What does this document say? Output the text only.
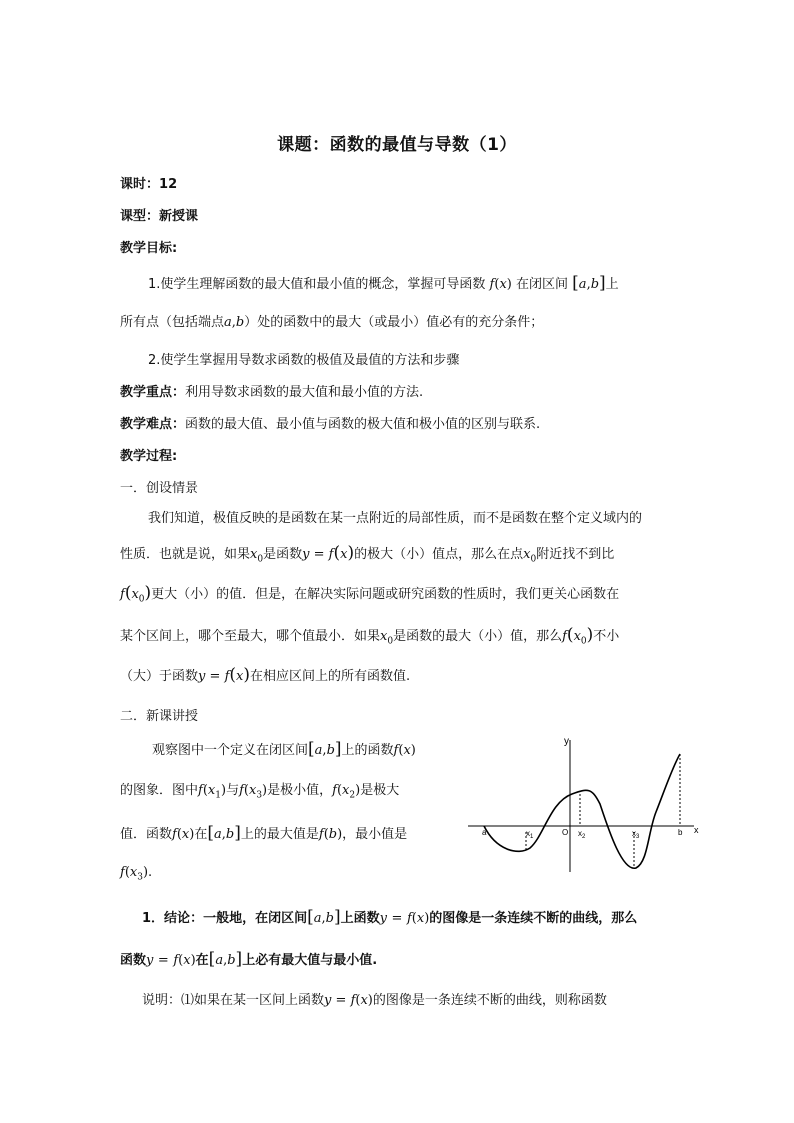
课题：函数的最值与导数（1）
课时：12
课型：新授课
教学目标:
1.使学生理解函数的最大值和最小值的概念，掌握可导函数 f(x) 在闭区间 [a,b]上
所有点（包括端点a,b）处的函数中的最大（或最小）值必有的充分条件；
2.使学生掌握用导数求函数的极值及最值的方法和步骤
教学重点：利用导数求函数的最大值和最小值的方法.
教学难点：函数的最大值、最小值与函数的极大值和极小值的区别与联系.
教学过程:
一．创设情景
我们知道，极值反映的是函数在某一点附近的局部性质，而不是函数在整个定义域内的
性质．也就是说，如果$x_0$是函数y = f(x)的极大（小）值点，那么在点$x_0$附近找不到比
$f(x_0)$更大（小）的值．但是，在解决实际问题或研究函数的性质时，我们更关心函数在
某个区间上，哪个至最大，哪个值最小．如果$x_0$是函数的最大（小）值，那么$f(x_0)$不小
（大）于函数y = f(x)在相应区间上的所有函数值.
二．新课讲授
观察图中一个定义在闭区间[a,b]上的函数f(x)
的图象．图中$f(x_1)$与$f(x_3)$是极小值，$f(x_2)$是极大
值．函数f(x)在[a,b]上的最大值是f(b)，最小值是
$f(x_3)$.
y
x
a	b
O
$x_1$	$x_2$	$x_3$
1．结论：一般地，在闭区间[a,b]上函数y = f(x)的图像是一条连续不断的曲线，那么
函数y = f(x)在[a,b]上必有最大值与最小值.
说明：⑴如果在某一区间上函数y = f(x)的图像是一条连续不断的曲线，则称函数
